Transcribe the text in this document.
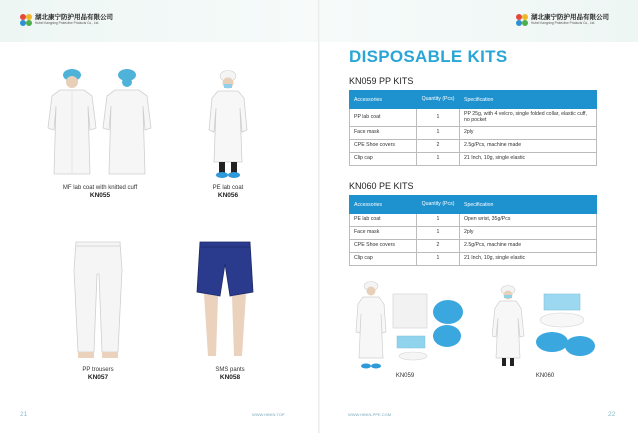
湖北康宁防护用品有限公司
Hubei Kangning Protective Products Co., Ltd.
湖北康宁防护用品有限公司
Hubei Kangning Protective Products Co., Ltd.
MF lab coat with knitted cuff
KN055
PE lab coat
KN056
PP trousers
KN057
SMS pants
KN058
DISPOSABLE KITS
KN059 PP KITS
Accessories	Quantity (Pcs)	Specification
PP lab coat	1	PP 25g, with 4 velcro, single folded collar, elastic cuff, no pocket
Face mask	1	2ply
CPE Shoe covers	2	2.5g/Pcs, machine made
Clip cap	1	21 Inch, 10g, single elastic
KN060 PE KITS
Accessories	Quantity (Pcs)	Specification
PE lab coat	1	Open wrist, 35g/Pcs
Face mask	1	2ply
CPE Shoe covers	2	2.5g/Pcs, machine made
Clip cap	1	21 Inch, 10g, single elastic
KN059	KN060
21	WWW.HBKN.TOP	WWW.HBKN-PPE.COM	22
